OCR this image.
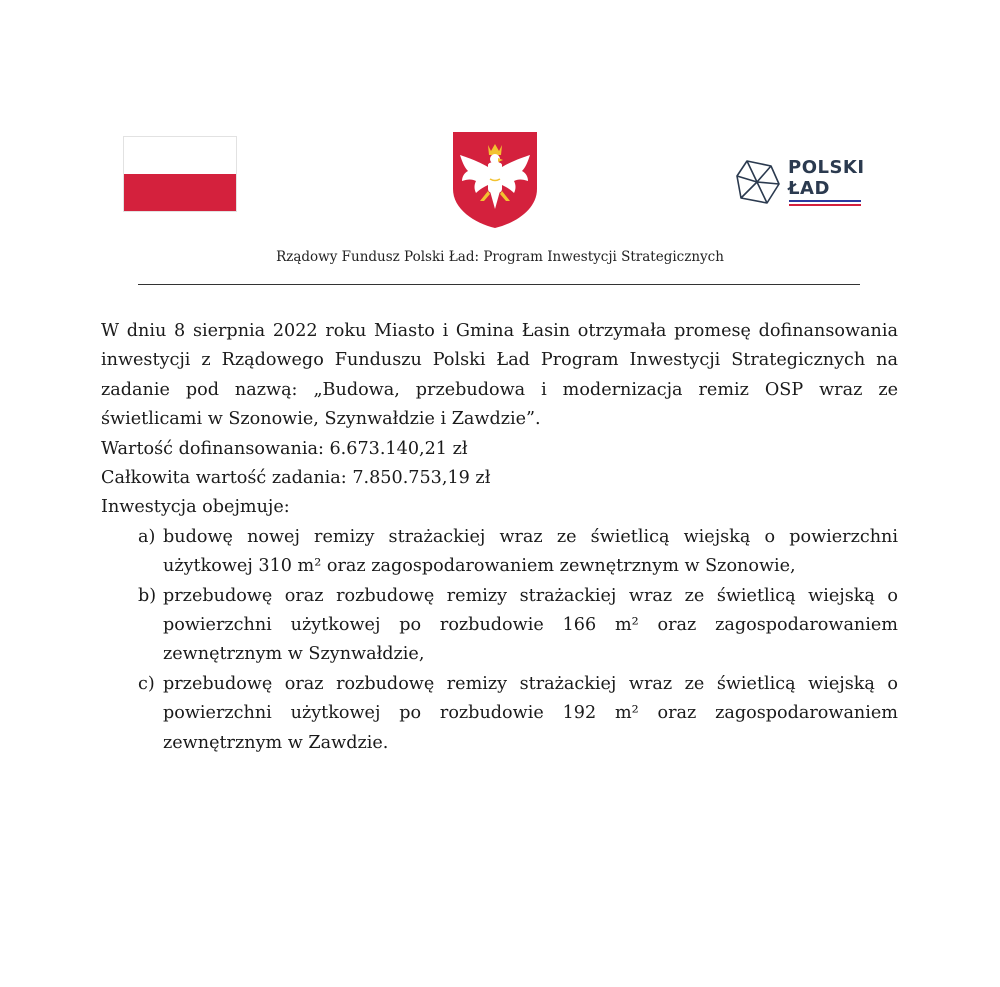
POLSKI
ŁAD
Rządowy Fundusz Polski Ład: Program Inwestycji Strategicznych

W dniu 8 sierpnia 2022 roku Miasto i Gmina Łasin otrzymała promesę dofinansowania inwestycji z Rządowego Funduszu Polski Ład Program Inwestycji Strategicznych na zadanie pod nazwą: „Budowa, przebudowa i modernizacja remiz OSP wraz ze świetlicami w Szonowie, Szynwałdzie i Zawdzie”.

Wartość dofinansowania: 6.673.140,21 zł

Całkowita wartość zadania: 7.850.753,19 zł

Inwestycja obejmuje:

a) budowę nowej remizy strażackiej wraz ze świetlicą wiejską o powierzchni użytkowej 310 m² oraz zagospodarowaniem zewnętrznym w Szonowie,
b) przebudowę oraz rozbudowę remizy strażackiej wraz ze świetlicą wiejską o powierzchni użytkowej po rozbudowie 166 m² oraz zagospodarowaniem zewnętrznym w Szynwałdzie,
c) przebudowę oraz rozbudowę remizy strażackiej wraz ze świetlicą wiejską o powierzchni użytkowej po rozbudowie 192 m² oraz zagospodarowaniem zewnętrznym w Zawdzie.
